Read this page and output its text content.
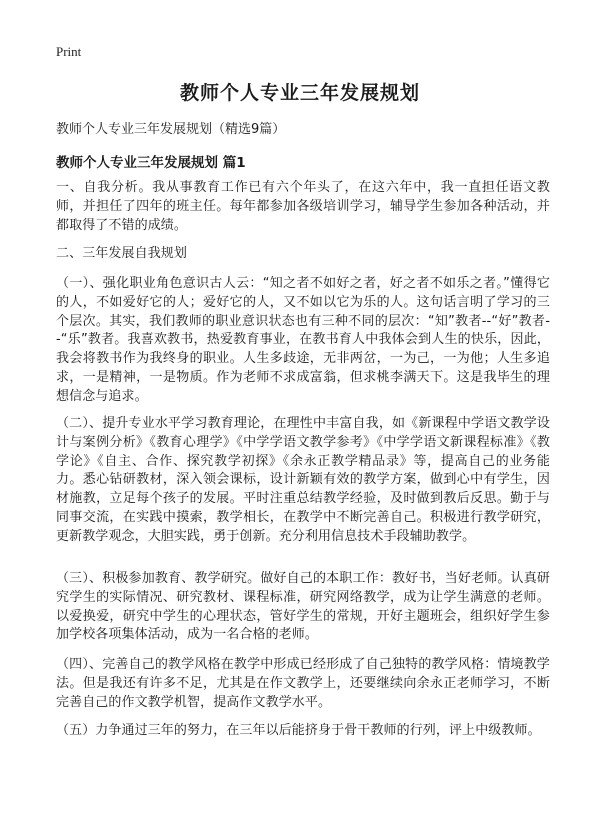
Print
教师个人专业三年发展规划
教师个人专业三年发展规划（精选9篇）
教师个人专业三年发展规划 篇1

一、自我分析。我从事教育工作已有六个年头了，在这六年中，我一直担任语文教师，并担任了四年的班主任。每年都参加各级培训学习，辅导学生参加各种活动，并都取得了不错的成绩。

二、三年发展自我规划

（一）、强化职业角色意识古人云：“知之者不如好之者，好之者不如乐之者。”懂得它的人，不如爱好它的人；爱好它的人，又不如以它为乐的人。这句话言明了学习的三个层次。其实，我们教师的职业意识状态也有三种不同的层次：“知”教者--“好”教者--“乐”教者。我喜欢教书，热爱教育事业，在教书育人中我体会到人生的快乐，因此，我会将教书作为我终身的职业。人生多歧途，无非两岔，一为己，一为他；人生多追求，一是精神，一是物质。作为老师不求成富翁，但求桃李满天下。这是我毕生的理想信念与追求。

（二）、提升专业水平学习教育理论，在理性中丰富自我，如《新课程中学语文教学设计与案例分析》《教育心理学》《中学学语文教学参考》《中学学语文新课程标准》《教学论》《自主、合作、探究教学初探》《余永正教学精品录》等，提高自己的业务能力。悉心钻研教材，深入领会课标，设计新颖有效的教学方案，做到心中有学生，因材施教，立足每个孩子的发展。平时注重总结教学经验，及时做到教后反思。勤于与同事交流，在实践中摸索，教学相长，在教学中不断完善自己。积极进行教学研究，更新教学观念，大胆实践，勇于创新。充分利用信息技术手段辅助教学。

（三）、积极参加教育、教学研究。做好自己的本职工作：教好书，当好老师。认真研究学生的实际情况、研究教材、课程标准，研究网络教学，成为让学生满意的老师。以爱换爱，研究中学生的心理状态，管好学生的常规，开好主题班会，组织好学生参加学校各项集体活动，成为一名合格的老师。

（四）、完善自己的教学风格在教学中形成已经形成了自己独特的教学风格：情境教学法。但是我还有许多不足，尤其是在作文教学上，还要继续向余永正老师学习，不断完善自己的作文教学机智，提高作文教学水平。

（五）力争通过三年的努力，在三年以后能挤身于骨干教师的行列，评上中级教师。
